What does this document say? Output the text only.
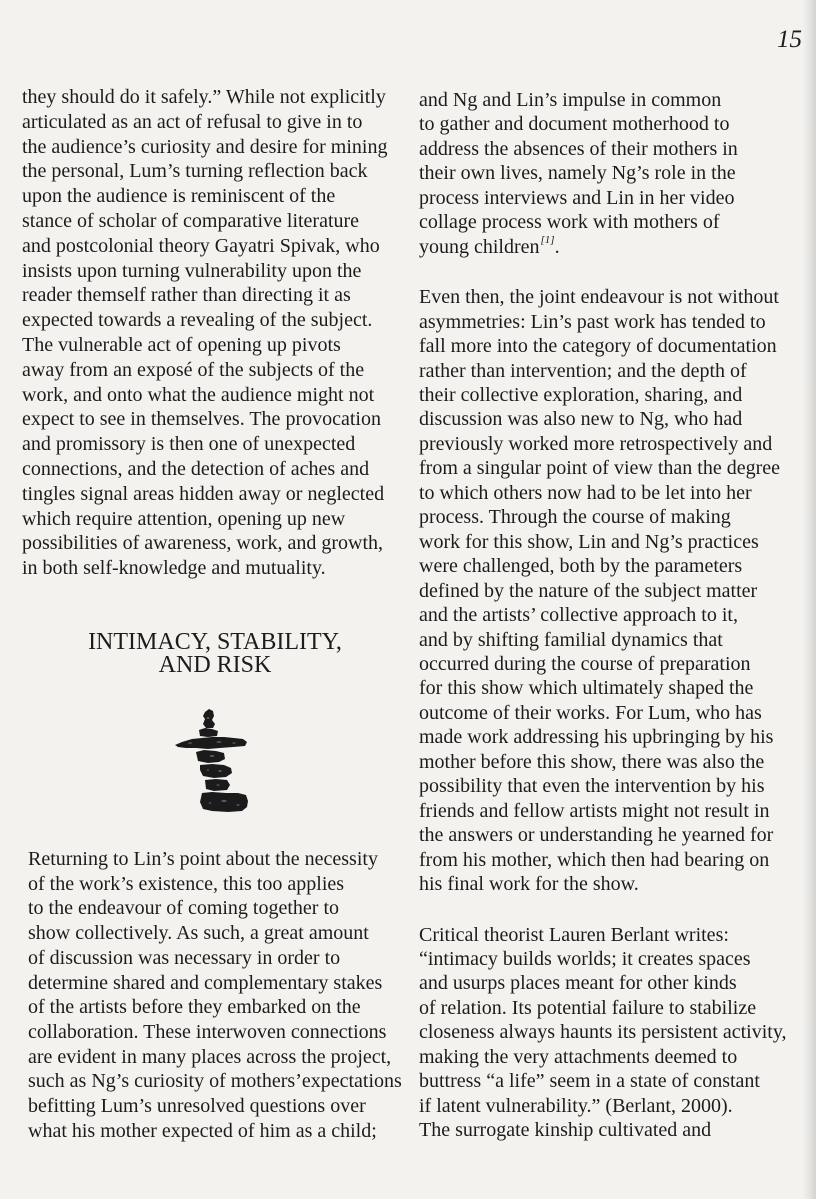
15
they should do it safely.” While not explicitly
articulated as an act of refusal to give in to
the audience’s curiosity and desire for mining
the personal, Lum’s turning reflection back
upon the audience is reminiscent of the
stance of scholar of comparative literature
and postcolonial theory Gayatri Spivak, who
insists upon turning vulnerability upon the
reader themself rather than directing it as
expected towards a revealing of the subject.
The vulnerable act of opening up pivots
away from an exposé of the subjects of the
work, and onto what the audience might not
expect to see in themselves. The provocation
and promissory is then one of unexpected
connections, and the detection of aches and
tingles signal areas hidden away or neglected
which require attention, opening up new
possibilities of awareness, work, and growth,
in both self-knowledge and mutuality.
INTIMACY, STABILITY,
AND RISK
Returning to Lin’s point about the necessity
of the work’s existence, this too applies
to the endeavour of coming together to
show collectively. As such, a great amount
of discussion was necessary in order to
determine shared and complementary stakes
of the artists before they embarked on the
collaboration. These interwoven connections
are evident in many places across the project,
such as Ng’s curiosity of mothers’expectations
befitting Lum’s unresolved questions over
what his mother expected of him as a child;
and Ng and Lin’s impulse in common
to gather and document motherhood to
address the absences of their mothers in
their own lives, namely Ng’s role in the
process interviews and Lin in her video
collage process work with mothers of
young children[1].
Even then, the joint endeavour is not without
asymmetries: Lin’s past work has tended to
fall more into the category of documentation
rather than intervention; and the depth of
their collective exploration, sharing, and
discussion was also new to Ng, who had
previously worked more retrospectively and
from a singular point of view than the degree
to which others now had to be let into her
process. Through the course of making
work for this show, Lin and Ng’s practices
were challenged, both by the parameters
defined by the nature of the subject matter
and the artists’ collective approach to it,
and by shifting familial dynamics that
occurred during the course of preparation
for this show which ultimately shaped the
outcome of their works. For Lum, who has
made work addressing his upbringing by his
mother before this show, there was also the
possibility that even the intervention by his
friends and fellow artists might not result in
the answers or understanding he yearned for
from his mother, which then had bearing on
his final work for the show.
Critical theorist Lauren Berlant writes:
“intimacy builds worlds; it creates spaces
and usurps places meant for other kinds
of relation. Its potential failure to stabilize
closeness always haunts its persistent activity,
making the very attachments deemed to
buttress “a life” seem in a state of constant
if latent vulnerability.” (Berlant, 2000).
The surrogate kinship cultivated and
